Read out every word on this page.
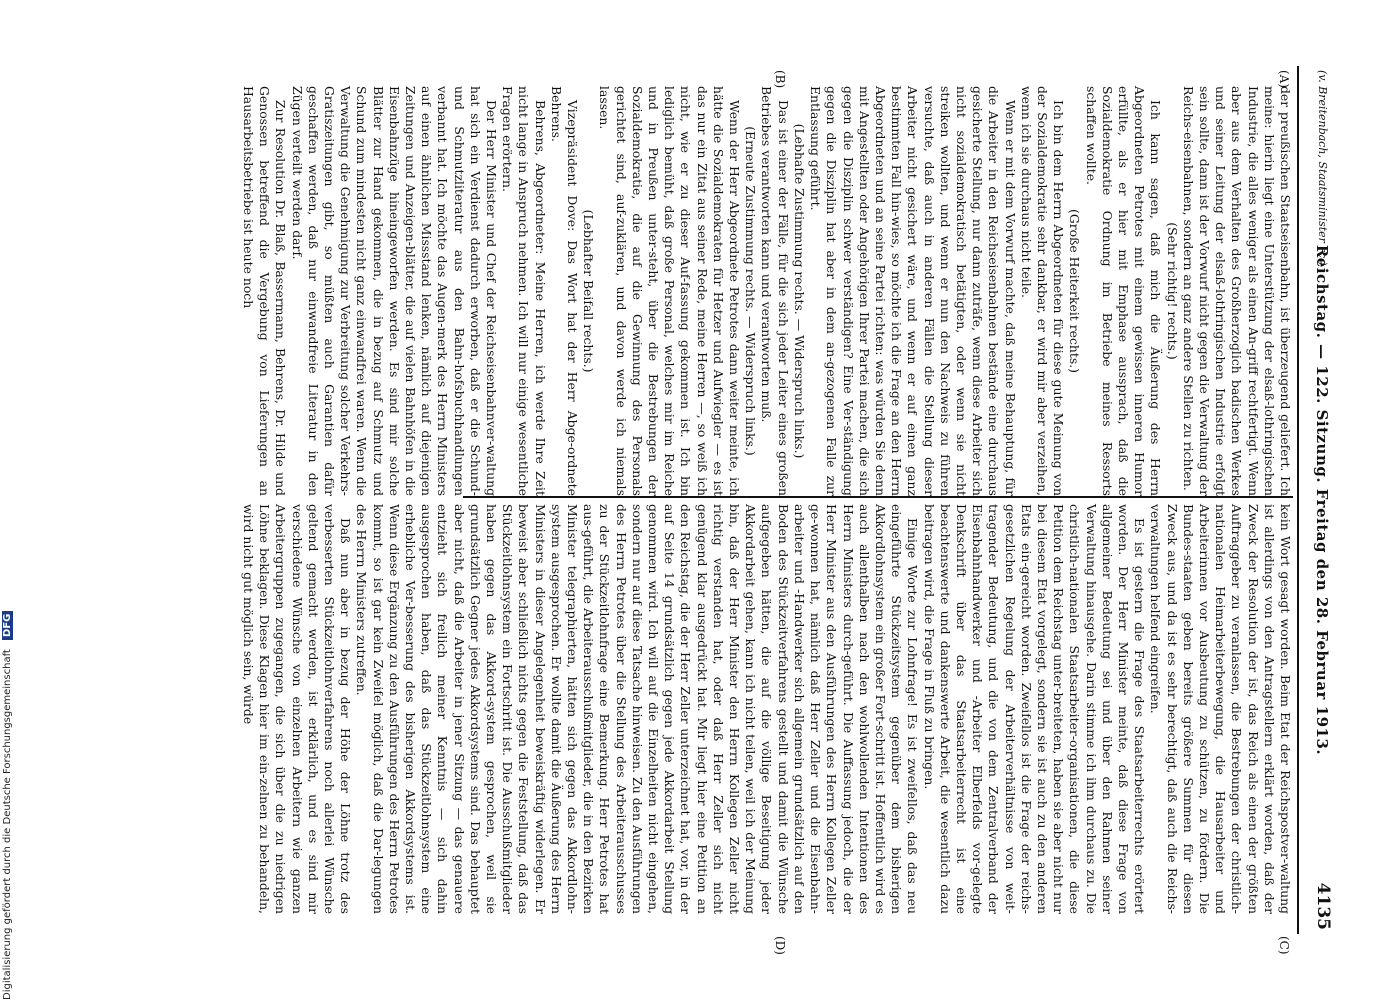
(v. Breitenbach, Staatsminister rc.)
Reichstag. — 122. Sitzung. Freitag den 28. Februar 1913.
4135
(A)
(B)
(C)
(D)

der preußischen Staatseisenbahn, ist überzeugend geliefert. Ich meine: hierin liegt eine Unterstützung der elsaß-lothringischen Industrie, die alles weniger als einen An-griff rechtfertigt. Wenn aber aus dem Verhalten des Großherzoglich badischen Werkes und seiner Leitung der elsaß-lothringischen Industrie erfolgt sein sollte, dann ist der Vorwurf nicht gegen die Verwaltung der Reichs-eisenbahnen, sondern an ganz andere Stellen zu richten.

(Sehr richtig! rechts.)

Ich kann sagen, daß mich die Äußerung des Herrn Abgeordneten Petrotes mit einem gewissen inneren Humor erfüllte, als er hier mit Emphase aussprach, daß die Sozialdemokratie Ordnung im Betriebe meines Ressorts schaffen wollte.

(Große Heiterkeit rechts.)

Ich bin dem Herrn Abgeordneten für diese gute Meinung von der Sozialdemokratie sehr dankbar, er wird mir aber verzeihen, wenn ich sie durchaus nicht teile.

Wenn er mit dem Vorwurf machte, daß meine Behauptung, für die Arbeiter in den Reichseisenbahnen bestände eine durchaus gesicherte Stellung, nur dann zuträfe, wenn diese Arbeiter sich nicht sozialdemokratisch betätigten, oder wenn sie nicht streiken wollten, und wenn er nun den Nachweis zu führen versuchte, daß auch in anderen Fällen die Stellung dieser Arbeiter nicht gesichert wäre, und wenn er auf einen ganz bestimmten Fall hin-wies, so möchte ich die Frage an den Herrn Abgeordneten und an seine Partei richten: was würden Sie denn mit Angestellten oder Angehörigen Ihrer Partei machen, die sich gegen die Disziplin schwer verständigen? Eine Ver-ständigung gegen die Disziplin hat aber in dem an-gezogenen Falle zur Entlassung geführt.

(Lebhafte Zustimmung rechts. — Widerspruch links.)

Das ist einer der Fälle, für die sich jeder Leiter eines großen Betriebes verantworten kann und verantworten muß.

(Erneute Zustimmung rechts. — Widerspruch links.)

Wenn der Herr Abgeordnete Petrotes dann weiter meinte, ich hätte die Sozialdemokraten für Hetzer und Aufwiegler — es ist das nur ein Zitat aus seiner Rede, meine Herren —, so weiß ich nicht, wie er zu dieser Auf-fassung gekommen ist. Ich bin lediglich bemüht, daß große Personal, welches mir im Reiche und in Preußen unter-steht, über die Bestrebungen der Sozialdemokratie, die auf die Gewinnung des Personals gerichtet sind, auf-zuklären, und davon werde ich niemals lassen.

(Lebhafter Beifall rechts.)

Vizepräsident Dove: Das Wort hat der Herr Abge-ordnete Behrens.

Behrens, Abgeordneter: Meine Herren, ich werde Ihre Zeit nicht lange in Anspruch nehmen. Ich will nur einige wesentliche Fragen erörtern.

Der Herr Minister und Chef der Reichseisenbahnver-waltung hat sich ein Verdienst dadurch erworben, daß er die Schund- und Schmutzliteratur aus den Bahn-hofsbuchhandlungen verbannt hat. Ich möchte das Augen-merk des Herrn Ministers auf einen ähnlichen Missstand lenken, nämlich auf diejenigen Zeitungen und Anzeigen-blätter, die auf vielen Bahnhöfen in die Eisenbahnzüge hineingeworfen werden. Es sind mir solche Blätter zur Hand gekommen, die in bezug auf Schmutz und Schund zum mindesten nicht ganz einwandfrei waren. Wenn die Verwaltung die Genehmigung zur Verbreitung solcher Verkehrs-Gratiszeitungen gibt, so müßten auch Garantien dafür geschaffen werden, daß nur einwandfreie Literatur in den Zügen verteilt werden darf.

Zur Resolution Dr. Blaß, Bassermann, Behrens, Dr. Hilde und Genossen betreffend die Vergebung von Lieferungen an Hausarbeitsbetriebe ist heute noch

kein Wort gesagt worden. Beim Etat der Reichspostver-waltung ist allerdings von den Antragstellern erklärt worden, daß der Zweck der Resolution der ist, das Reich als einen der größten Auftraggeber zu veranlassen, die Bestrebungen der christlich-nationalen Heimarbeiterbewegung, die Hausarbeiter und Arbeiterinnen vor Ausbeutung zu schützen, zu fördern. Die Bundes-staaten geben bereits größere Summen für diesen Zweck aus, und da ist es sehr berechtigt, daß auch die Reichs-verwaltungen helfend eingreifen.

Es ist gestern die Frage des Staatsarbeiterrechts erörtert worden. Der Herr Minister meinte, daß diese Frage von allgemeiner Bedeutung sei und über den Rahmen seiner Verwaltung hinausgehe. Darin stimme ich ihm durchaus zu. Die christlich-nationalen Staatsarbeiter-organisationen, die diese Petition dem Reichstag unter-breiteten, haben sie aber nicht nur bei diesem Etat vorgelegt, sondern sie ist auch zu den anderen Etats ein-gereicht worden. Zweifellos ist die Frage der reichs-gesetzlichen Regelung der Arbeiterverhältnisse von weit-tragender Bedeutung, und die von dem Zentralverband der Eisenbahnhandwerker und -Arbeiter Elberfelds vor-gelegte Denkschrift über das Staatsarbeiterrecht ist eine beachtenswerte und dankenswerte Arbeit, die wesentlich dazu beitragen wird, die Frage in Fluß zu bringen.

Einige Worte zur Lohnfrage! Es ist zweifellos, daß das neu eingeführte Stückzeitsystem gegenüber dem bisherigen Akkordlohnsystem ein großer Fort-schritt ist. Hoffentlich wird es auch allenthalben nach den wohlwollenden Intentionen des Herrn Ministers durch-geführt. Die Auffassung jedoch, die der Herr Minister aus den Ausführungen des Herrn Kollegen Zeller ge-wonnen hat, nämlich daß Herr Zeller und die Eisenbahn-arbeiter und -Handwerker sich allgemein grundsätzlich auf den Boden des Stückzeitverfahrens gestellt und damit die Wünsche aufgegeben hätten, die auf die völlige Beseitigung jeder Akkordarbeit gehen, kann ich nicht teilen, weil ich der Meinung bin, daß der Herr Minister den Herrn Kollegen Zeller nicht richtig verstanden hat, oder daß Herr Zeller sich nicht genügend klar ausgedrückt hat. Mir liegt hier eine Petition an den Reichstag, die der Herr Zeller unterzeichnet hat, vor, in der auf Seite 14 grundsätzlich gegen jede Akkordarbeit Stellung genommen wird. Ich will auf die Einzelheiten nicht eingehen, sondern nur auf diese Tatsache hinweisen. Zu den Ausführungen des Herrn Petrotes über die Stellung des Arbeiterausschusses zu der Stückzeitlohnfrage eine Bemerkung. Herr Petrotes hat aus-geführt, die Arbeiterausschußmitglieder, die in den Bezirken Minister telegraphierten, hätten sich gegen das Akkordlohn-system ausgesprochen. Er wollte damit die Äußerung des Herrn Ministers in dieser Angelegenheit beweiskräftig widerlegen. Er beweist aber schließlich nichts gegen die Feststellung, daß das Stückzeitlohnsystem ein Fortschritt ist. Die Ausschußmitglieder haben gegen das Akkord-system gesprochen, weil sie grundsätzlich Gegner jedes Akkordsystems sind. Das behauptet aber nicht, daß die Arbeiter in jener Sitzung — das genauere entzieht sich freilich meiner Kenntnis — sich dahin ausgesprochen haben, daß das Stückzeitlohnsystem eine erhebliche Ver-besserung des bisherigen Akkordsystems ist. Wenn diese Ergänzung zu den Ausführungen des Herrn Petrotes kommt, so ist gar kein Zweifel möglich, daß die Dar-legungen des Herrn Ministers zutreffen.

Daß nun aber in bezug der Höhe der Löhne trotz des verbesserten Stückzeitlohnverfahrens noch allerlei Wünsche geltend gemacht werden, ist erklärlich, und es sind mir verschiedene Wünsche von einzelnen Arbeitern wie ganzen Arbeitergruppen zugegangen, die sich über die zu niedrigen Löhne beklagen. Diese Klagen hier im ein-zelnen zu behandeln, wird nicht gut möglich sein, würde

Digitalisierung gefördert durch die Deutsche Forschungsgemeinschaft DFG
